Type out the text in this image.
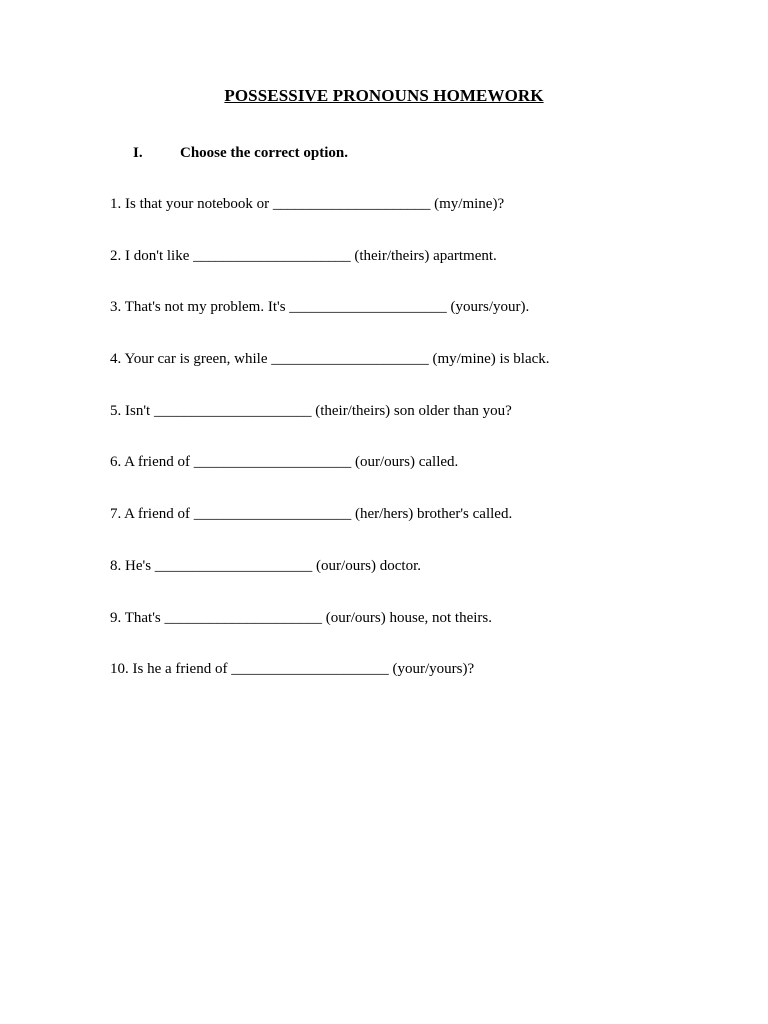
POSSESSIVE PRONOUNS HOMEWORK
I. Choose the correct option.
1. Is that your notebook or _____________________ (my/mine)?
2. I don't like _____________________ (their/theirs) apartment.
3. That's not my problem. It's _____________________ (yours/your).
4. Your car is green, while _____________________ (my/mine) is black.
5. Isn't _____________________ (their/theirs) son older than you?
6. A friend of _____________________ (our/ours) called.
7. A friend of _____________________ (her/hers) brother's called.
8. He's _____________________ (our/ours) doctor.
9. That's _____________________ (our/ours) house, not theirs.
10. Is he a friend of _____________________ (your/yours)?
